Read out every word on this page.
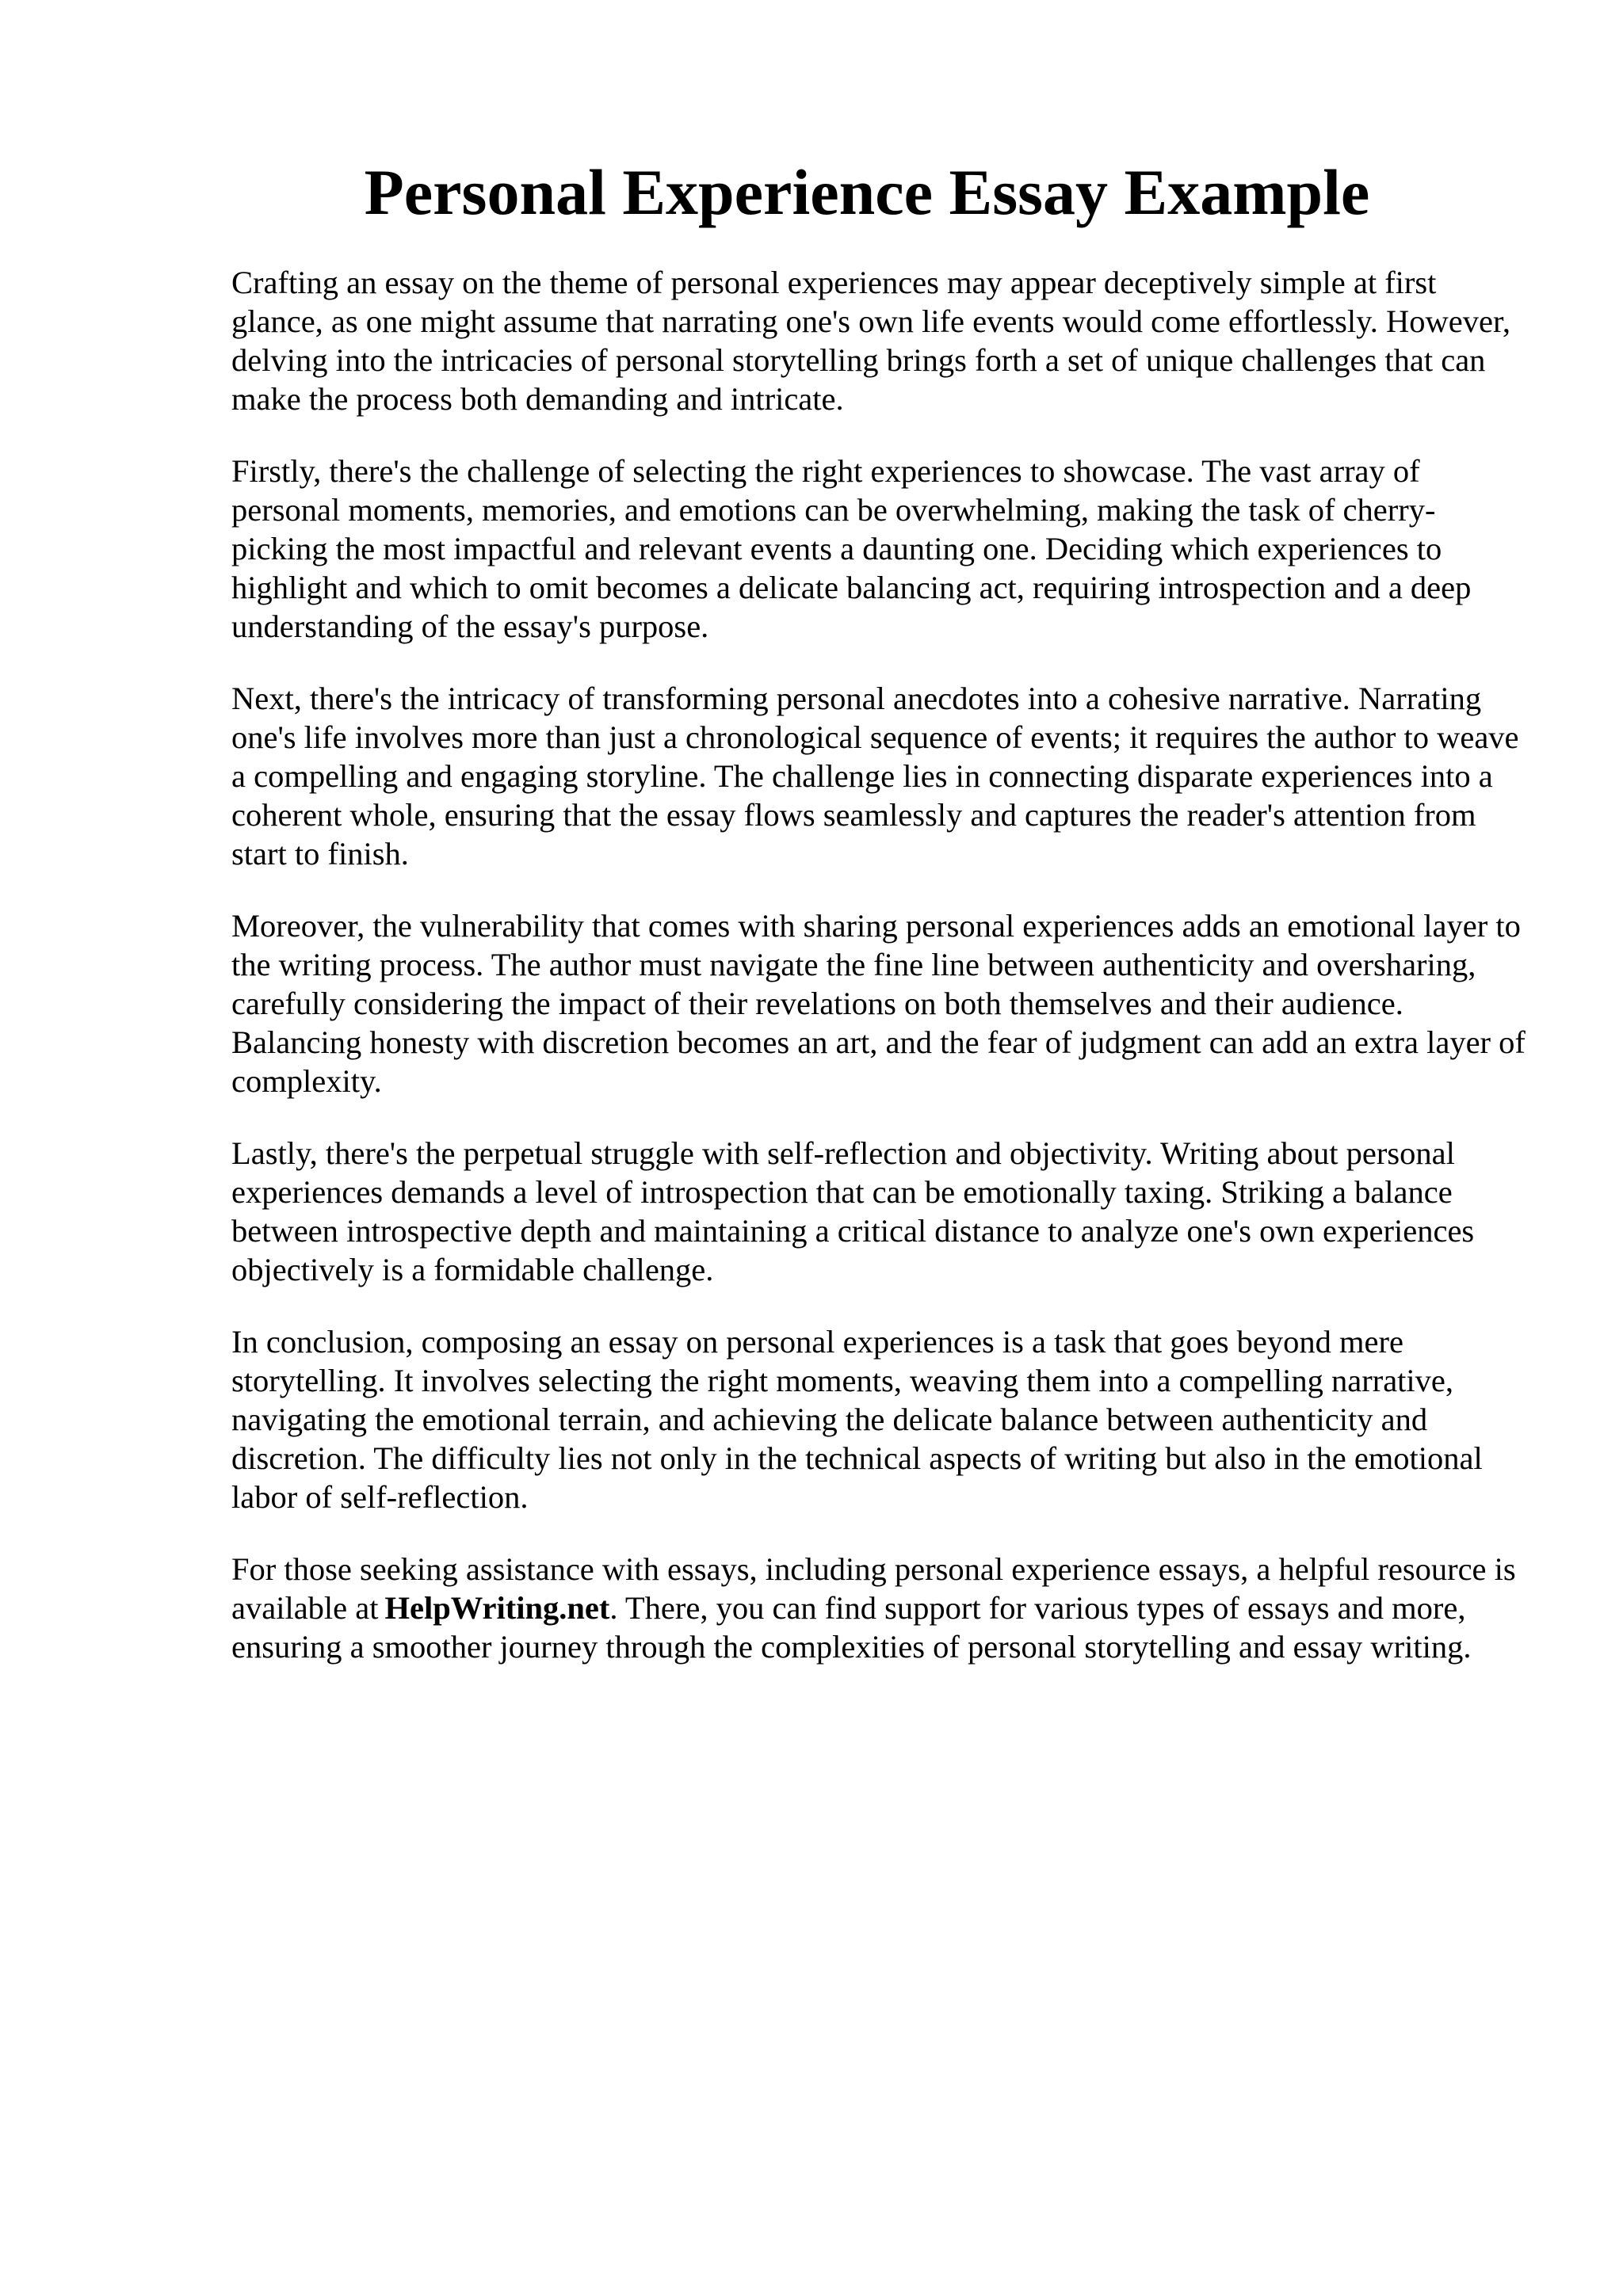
Personal Experience Essay Example

Crafting an essay on the theme of personal experiences may appear deceptively simple at first glance, as one might assume that narrating one's own life events would come effortlessly. However, delving into the intricacies of personal storytelling brings forth a set of unique challenges that can make the process both demanding and intricate.

Firstly, there's the challenge of selecting the right experiences to showcase. The vast array of personal moments, memories, and emotions can be overwhelming, making the task of cherry-picking the most impactful and relevant events a daunting one. Deciding which experiences to highlight and which to omit becomes a delicate balancing act, requiring introspection and a deep understanding of the essay's purpose.

Next, there's the intricacy of transforming personal anecdotes into a cohesive narrative. Narrating one's life involves more than just a chronological sequence of events; it requires the author to weave a compelling and engaging storyline. The challenge lies in connecting disparate experiences into a coherent whole, ensuring that the essay flows seamlessly and captures the reader's attention from start to finish.

Moreover, the vulnerability that comes with sharing personal experiences adds an emotional layer to the writing process. The author must navigate the fine line between authenticity and oversharing, carefully considering the impact of their revelations on both themselves and their audience. Balancing honesty with discretion becomes an art, and the fear of judgment can add an extra layer of complexity.

Lastly, there's the perpetual struggle with self-reflection and objectivity. Writing about personal experiences demands a level of introspection that can be emotionally taxing. Striking a balance between introspective depth and maintaining a critical distance to analyze one's own experiences objectively is a formidable challenge.

In conclusion, composing an essay on personal experiences is a task that goes beyond mere storytelling. It involves selecting the right moments, weaving them into a compelling narrative, navigating the emotional terrain, and achieving the delicate balance between authenticity and discretion. The difficulty lies not only in the technical aspects of writing but also in the emotional labor of self-reflection.

For those seeking assistance with essays, including personal experience essays, a helpful resource is available at HelpWriting.net. There, you can find support for various types of essays and more, ensuring a smoother journey through the complexities of personal storytelling and essay writing.
